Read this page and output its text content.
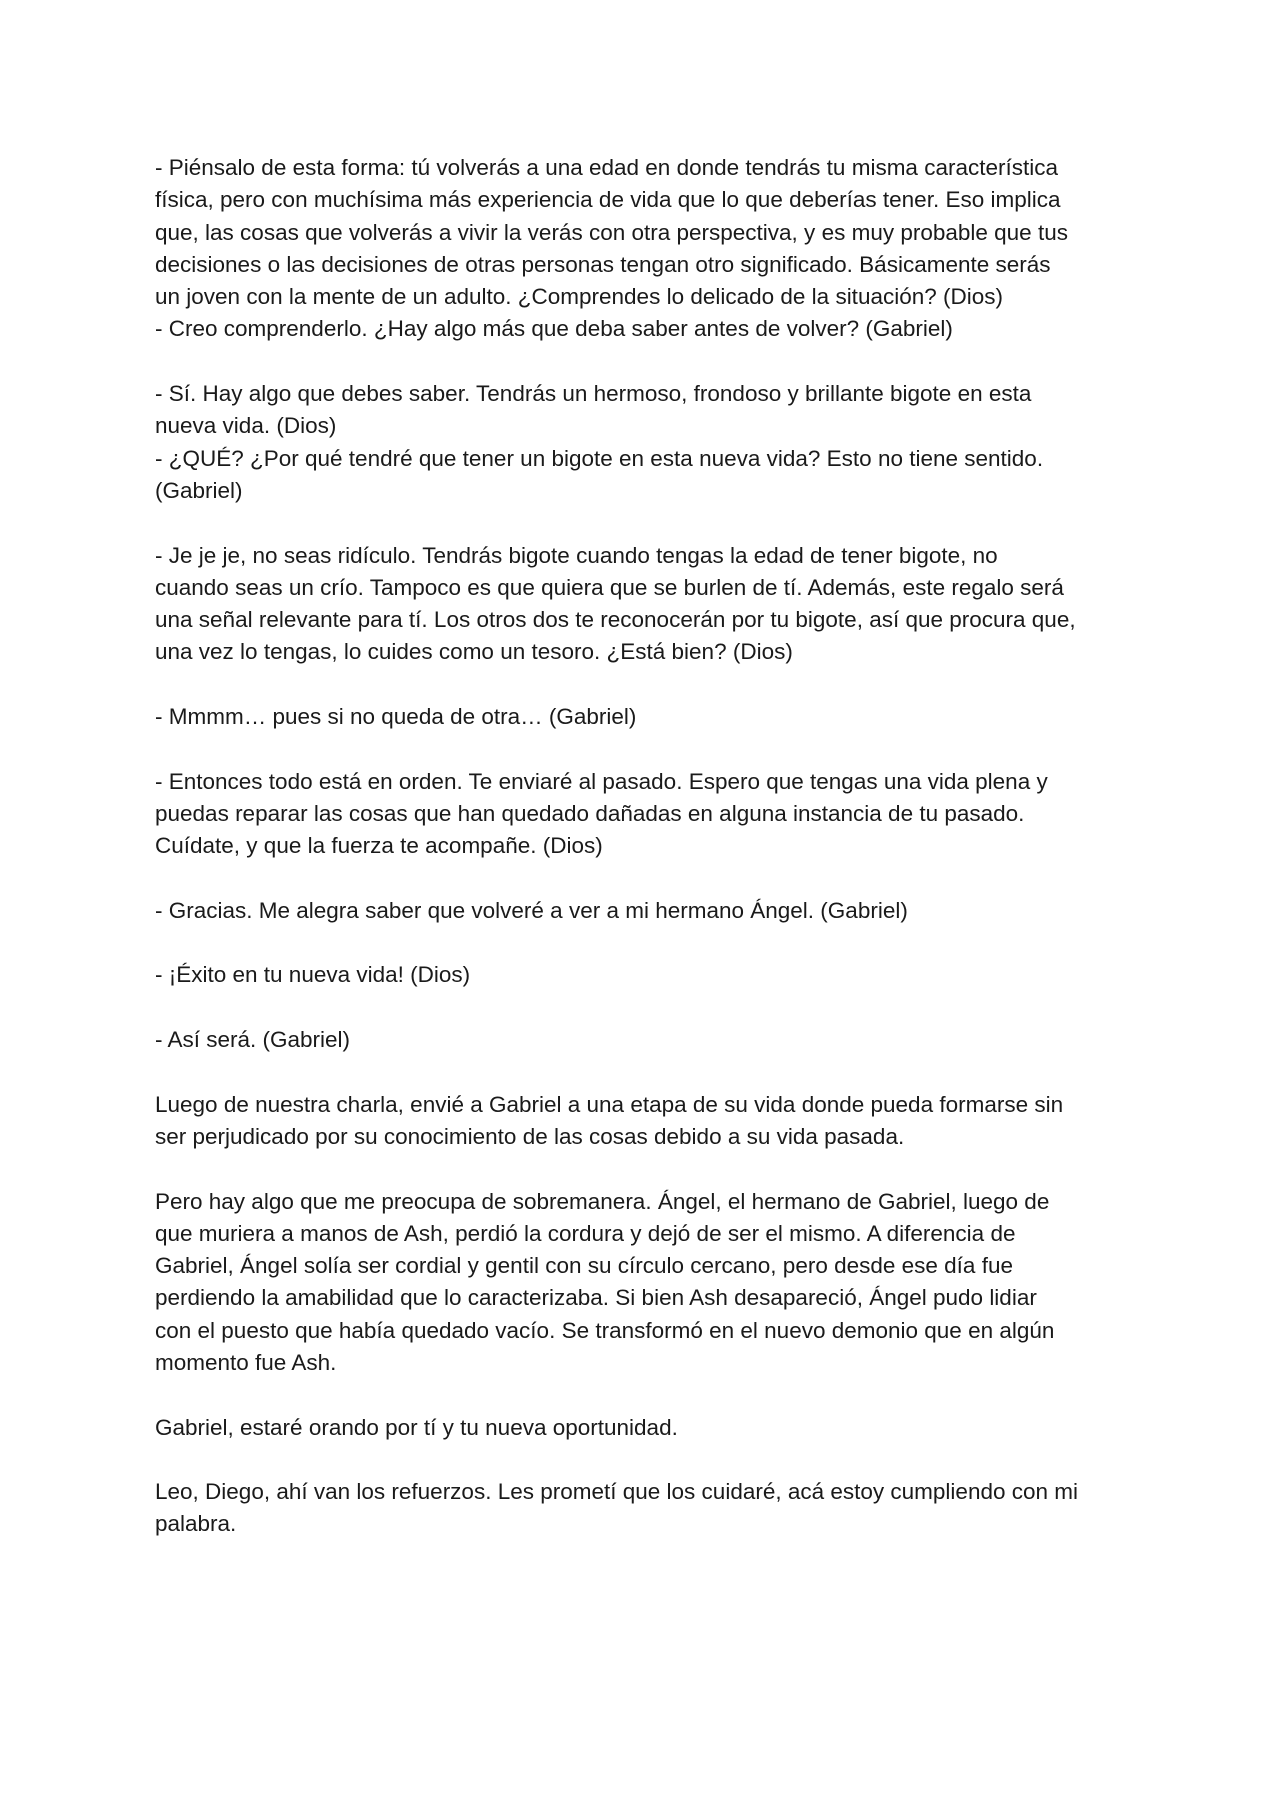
- Piénsalo de esta forma: tú volverás a una edad en donde tendrás tu misma característica
física, pero con muchísima más experiencia de vida que lo que deberías tener. Eso implica
que, las cosas que volverás a vivir la verás con otra perspectiva, y es muy probable que tus
decisiones o las decisiones de otras personas tengan otro significado. Básicamente serás
un joven con la mente de un adulto. ¿Comprendes lo delicado de la situación? (Dios)
- Creo comprenderlo. ¿Hay algo más que deba saber antes de volver? (Gabriel)

- Sí. Hay algo que debes saber. Tendrás un hermoso, frondoso y brillante bigote en esta
nueva vida. (Dios)
- ¿QUÉ? ¿Por qué tendré que tener un bigote en esta nueva vida? Esto no tiene sentido.
(Gabriel)

- Je je je, no seas ridículo. Tendrás bigote cuando tengas la edad de tener bigote, no
cuando seas un crío. Tampoco es que quiera que se burlen de tí. Además, este regalo será
una señal relevante para tí. Los otros dos te reconocerán por tu bigote, así que procura que,
una vez lo tengas, lo cuides como un tesoro. ¿Está bien? (Dios)

- Mmmm… pues si no queda de otra… (Gabriel)

- Entonces todo está en orden. Te enviaré al pasado. Espero que tengas una vida plena y
puedas reparar las cosas que han quedado dañadas en alguna instancia de tu pasado.
Cuídate, y que la fuerza te acompañe. (Dios)

- Gracias. Me alegra saber que volveré a ver a mi hermano Ángel. (Gabriel)

- ¡Éxito en tu nueva vida! (Dios)

- Así será. (Gabriel)

Luego de nuestra charla, envié a Gabriel a una etapa de su vida donde pueda formarse sin
ser perjudicado por su conocimiento de las cosas debido a su vida pasada.

Pero hay algo que me preocupa de sobremanera. Ángel, el hermano de Gabriel, luego de
que muriera a manos de Ash, perdió la cordura y dejó de ser el mismo. A diferencia de
Gabriel, Ángel solía ser cordial y gentil con su círculo cercano, pero desde ese día fue
perdiendo la amabilidad que lo caracterizaba. Si bien Ash desapareció, Ángel pudo lidiar
con el puesto que había quedado vacío. Se transformó en el nuevo demonio que en algún
momento fue Ash.

Gabriel, estaré orando por tí y tu nueva oportunidad.

Leo, Diego, ahí van los refuerzos. Les prometí que los cuidaré, acá estoy cumpliendo con mi
palabra.
